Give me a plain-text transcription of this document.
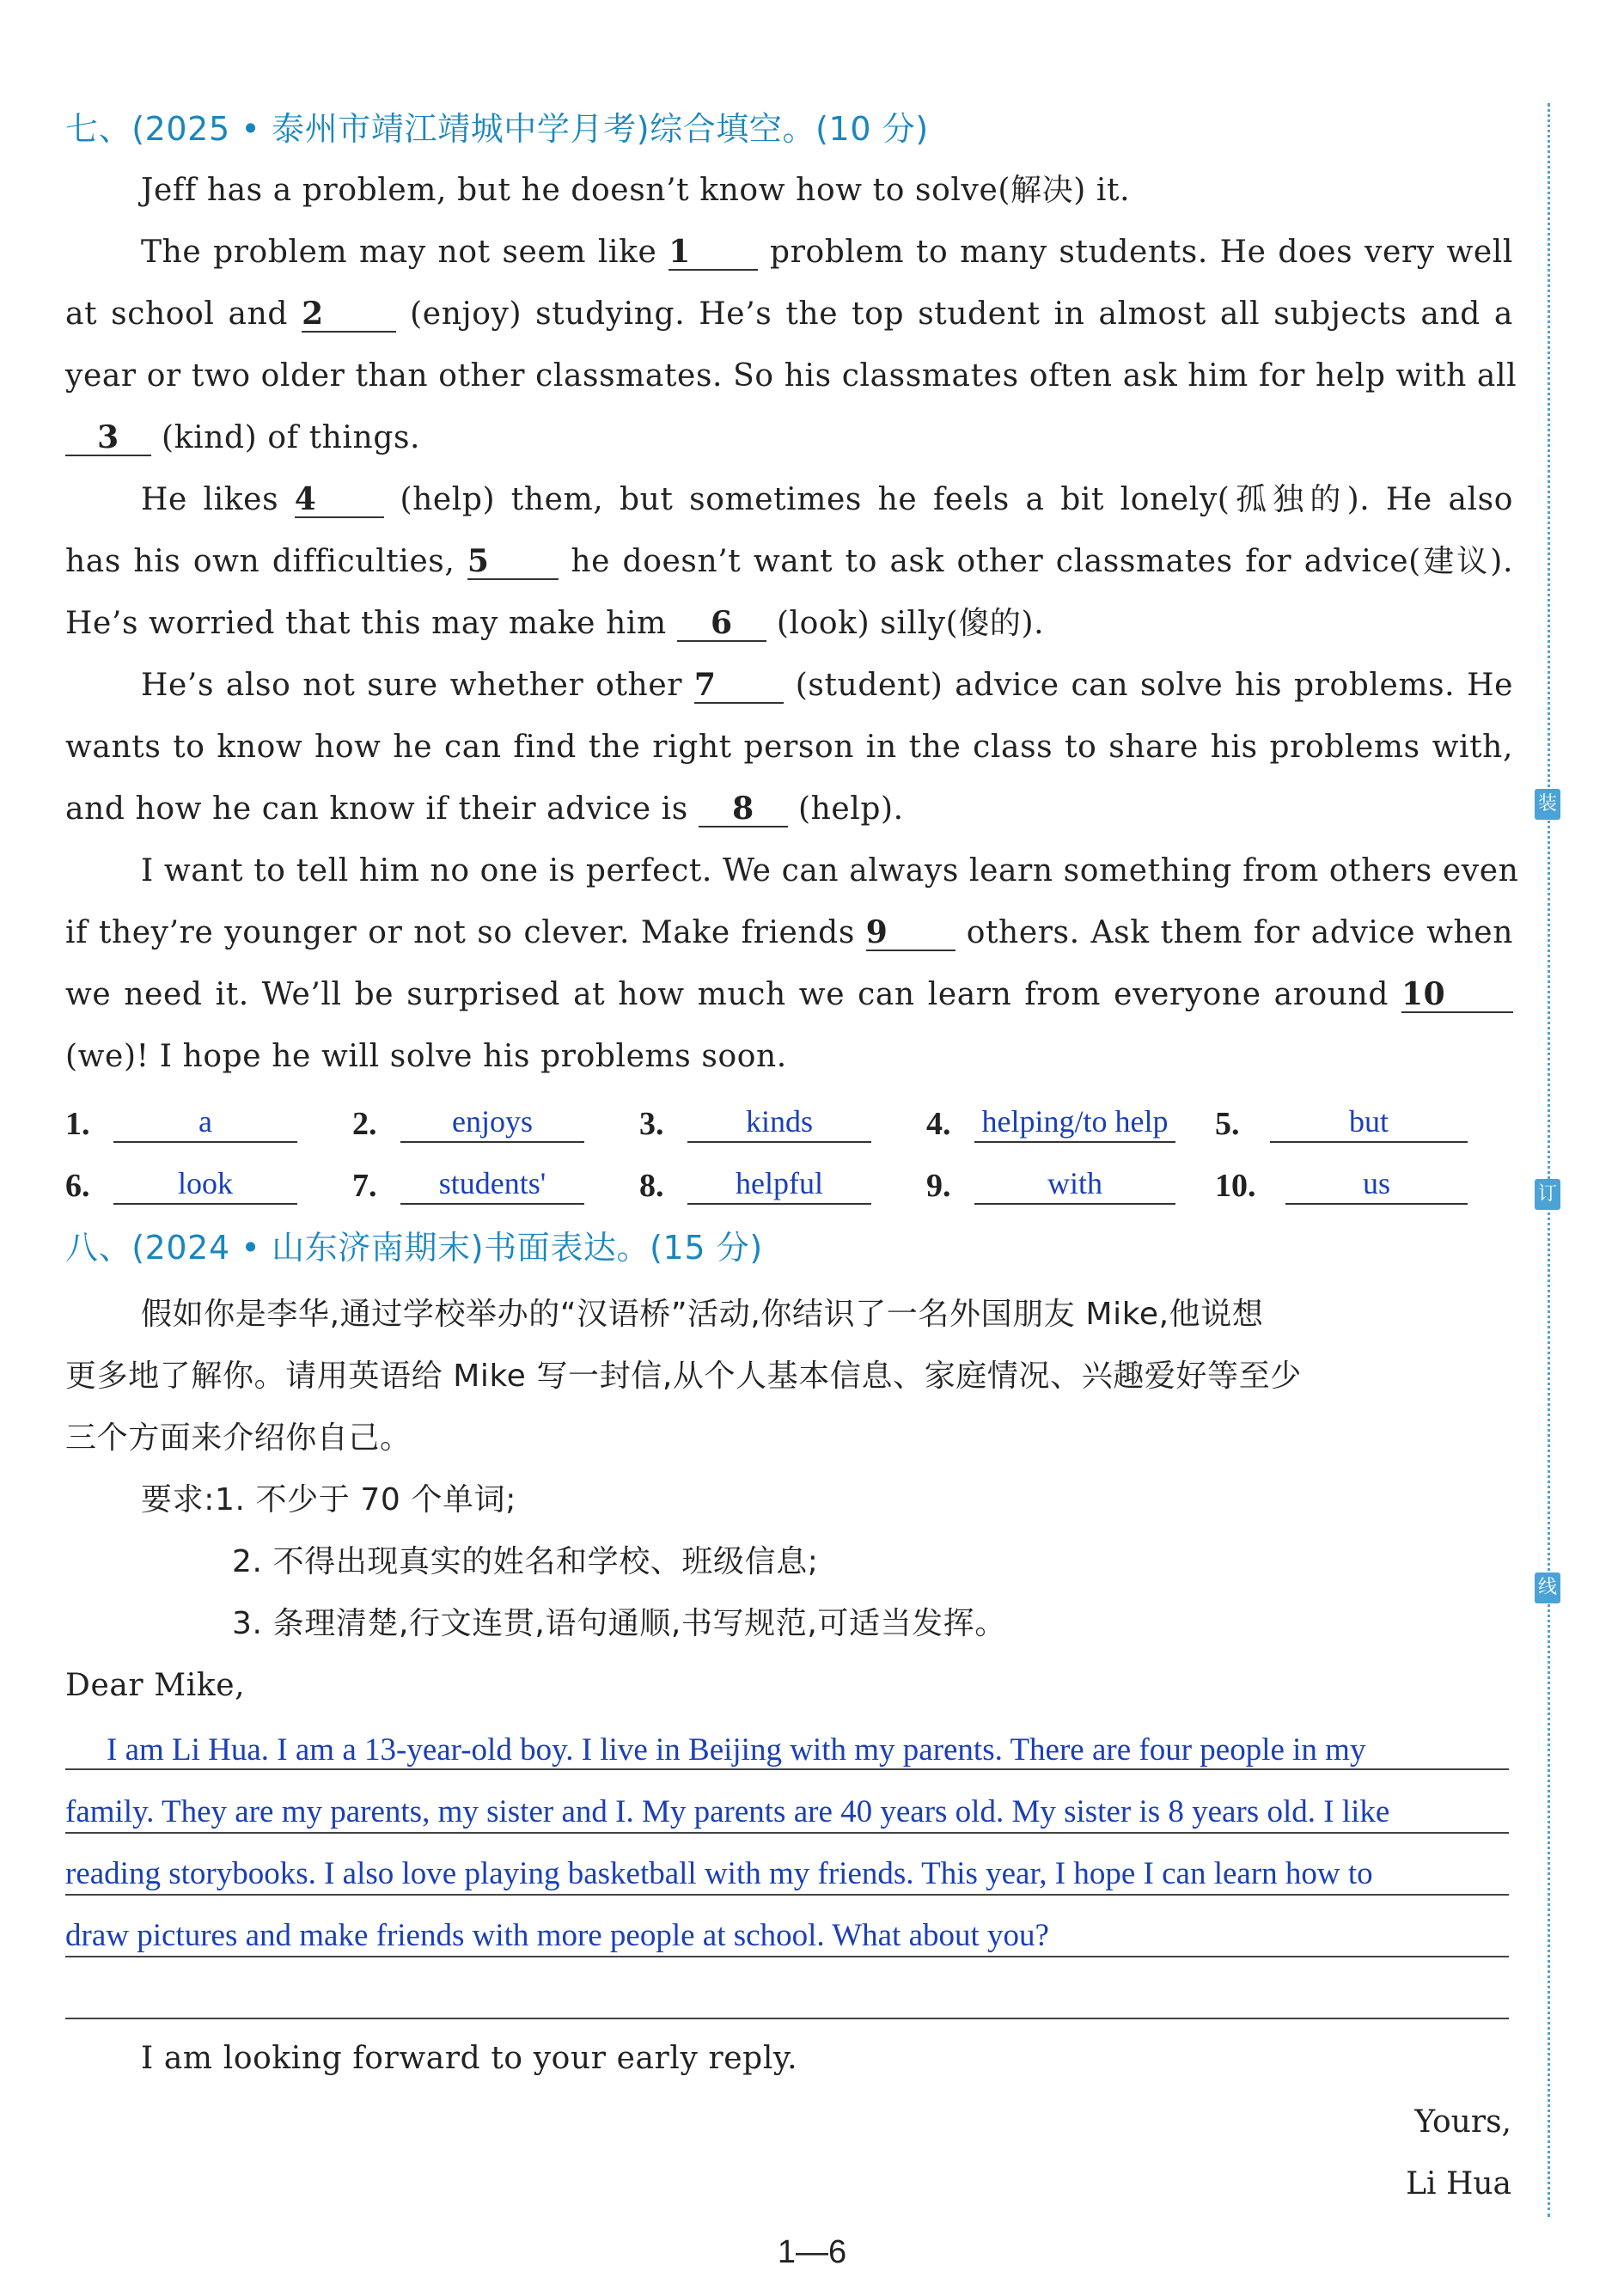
七、(2025 • 泰州市靖江靖城中学月考)综合填空。(10 分)
Jeff has a problem, but he doesn’t know how to solve(解决) it.
The problem may not seem like 1	problem to many students. He does very well
at school and 2	(enjoy) studying. He’s the top student in almost all subjects and a
year or two older than other classmates. So his classmates often ask him for help with all
3 (kind) of things.
He likes 4	(help) them, but sometimes he feels a bit lonely(孤独的). He also
has his own difficulties, 5	he doesn’t want to ask other classmates for advice(建议).
He’s worried that this may make him 6 (look) silly(傻的).
He’s also not sure whether other 7	(student) advice can solve his problems. He
wants to know how he can find the right person in the class to share his problems with,
and how he can know if their advice is 8 (help).
I want to tell him no one is perfect. We can always learn something from others even
if they’re younger or not so clever. Make friends 9	others. Ask them for advice when
we need it. We’ll be surprised at how much we can learn from everyone around 10
(we)! I hope he will solve his problems soon.
1.	a	2.	enjoys	3.	kinds	4. helping/to help 5.	but
6.	look	7.	students'	8.	helpful	9.	with	10.	us
八、(2024 • 山东济南期末)书面表达。(15 分)
假如你是李华,通过学校举办的“汉语桥”活动,你结识了一名外国朋友 Mike,他说想
更多地了解你。请用英语给 Mike 写一封信,从个人基本信息、家庭情况、兴趣爱好等至少
三个方面来介绍你自己。
要求:1. 不少于 70 个单词;
2. 不得出现真实的姓名和学校、班级信息;
3. 条理清楚,行文连贯,语句通顺,书写规范,可适当发挥。
Dear Mike,
I am Li Hua. I am a 13-year-old boy. I live in Beijing with my parents. There are four people in my
family. They are my parents, my sister and I. My parents are 40 years old. My sister is 8 years old. I like
reading storybooks. I also love playing basketball with my friends. This year, I hope I can learn how to
draw pictures and make friends with more people at school. What about you?
I am looking forward to your early reply.
Yours,
Li Hua
装
订
线
1—6
